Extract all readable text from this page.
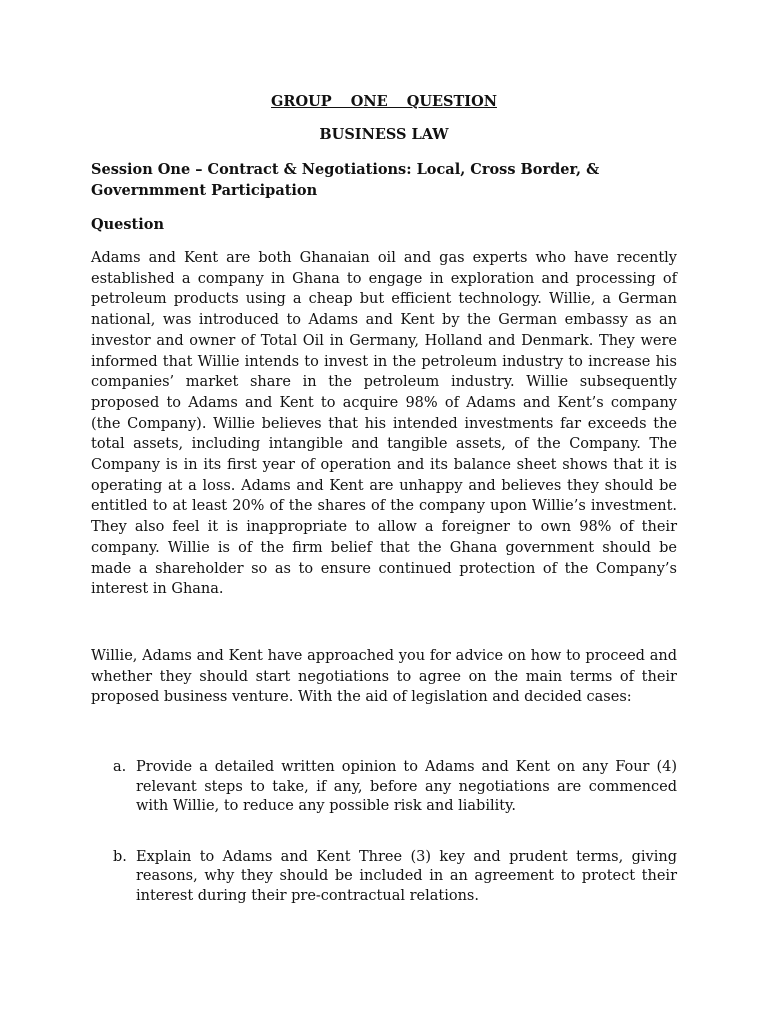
GROUP ONE QUESTION

BUSINESS LAW

Session One – Contract & Negotiations: Local, Cross Border, & Governmment Participation

Question

Adams and Kent are both Ghanaian oil and gas experts who have recently established a company in Ghana to engage in exploration and processing of petroleum products using a cheap but efficient technology. Willie, a German national, was introduced to Adams and Kent by the German embassy as an investor and owner of Total Oil in Germany, Holland and Denmark. They were informed that Willie intends to invest in the petroleum industry to increase his companies’ market share in the petroleum industry. Willie subsequently proposed to Adams and Kent to acquire 98% of Adams and Kent’s company (the Company). Willie believes that his intended investments far exceeds the total assets, including intangible and tangible assets, of the Company. The Company is in its first year of operation and its balance sheet shows that it is operating at a loss. Adams and Kent are unhappy and believes they should be entitled to at least 20% of the shares of the company upon Willie’s investment. They also feel it is inappropriate to allow a foreigner to own 98% of their company. Willie is of the firm belief that the Ghana government should be made a shareholder so as to ensure continued protection of the Company’s interest in Ghana.

Willie, Adams and Kent have approached you for advice on how to proceed and whether they should start negotiations to agree on the main terms of their proposed business venture. With the aid of legislation and decided cases:

a. Provide a detailed written opinion to Adams and Kent on any Four (4) relevant steps to take, if any, before any negotiations are commenced with Willie, to reduce any possible risk and liability.
b. Explain to Adams and Kent Three (3) key and prudent terms, giving reasons, why they should be included in an agreement to protect their interest during their pre-contractual relations.
